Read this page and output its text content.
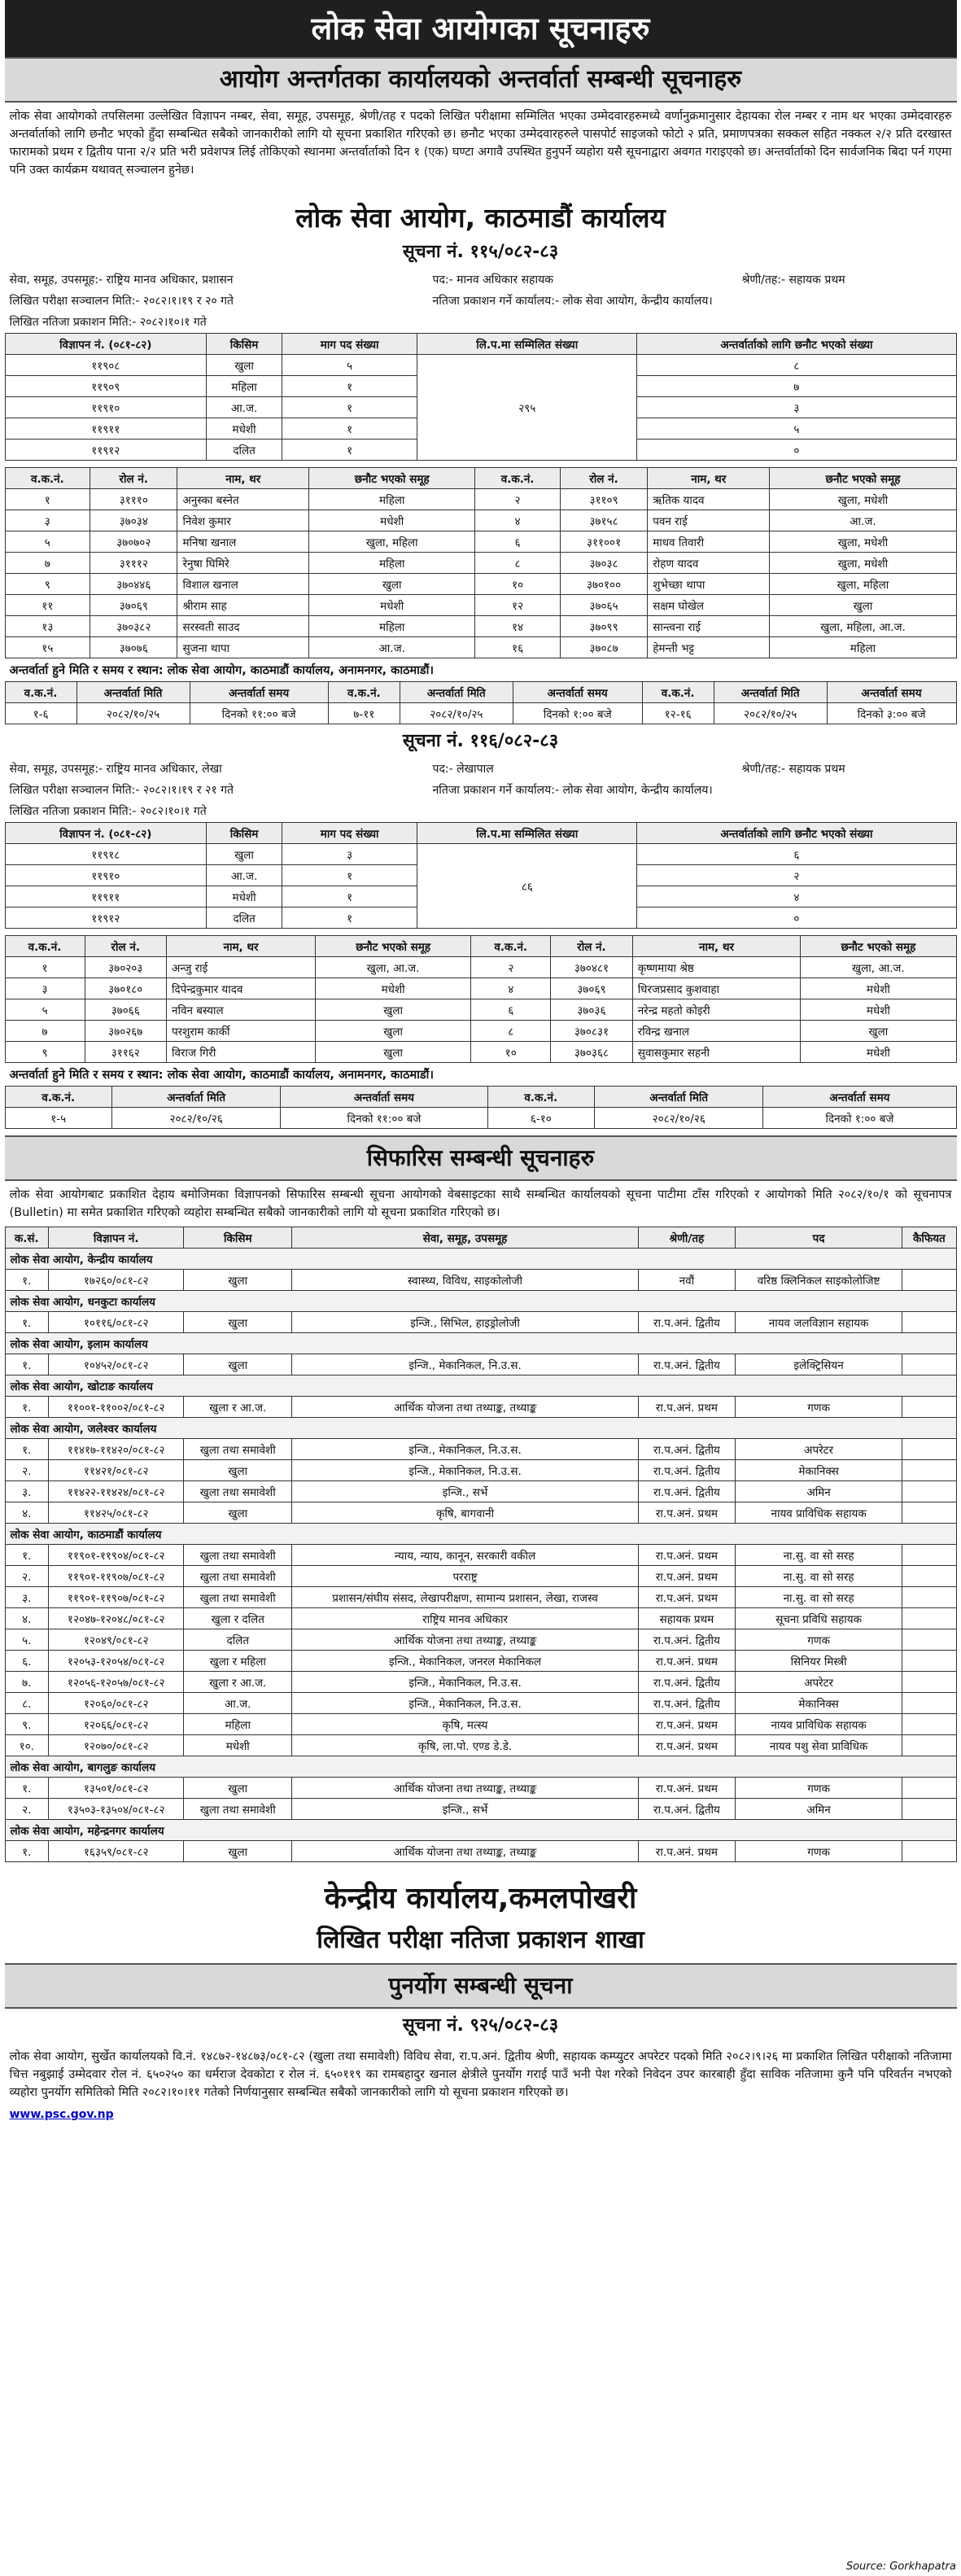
लोक सेवा आयोगका सूचनाहरु
आयोग अन्तर्गतका कार्यालयको अन्तर्वार्ता सम्बन्धी सूचनाहरु
लोक सेवा आयोगको तपसिलमा उल्लेखित विज्ञापन नम्बर, सेवा, समूह, उपसमूह, श्रेणी/तह र पदको लिखित परीक्षामा सम्मिलित भएका उम्मेदवारहरुमध्ये वर्णानुक्रमानुसार देहायका रोल नम्बर र नाम थर भएका उम्मेदवारहरु अन्तर्वार्ताको लागि छनौट भएको हुँदा सम्बन्धित सबैको जानकारीको लागि यो सूचना प्रकाशित गरिएको छ। छनौट भएका उम्मेदवारहरुले पासपोर्ट साइजको फोटो २ प्रति, प्रमाणपत्रका सक्कल सहित नक्कल २/२ प्रति दरखास्त फारामको प्रथम र द्वितीय पाना २/२ प्रति भरी प्रवेशपत्र लिई तोकिएको स्थानमा अन्तर्वार्ताको दिन १ (एक) घण्टा अगावै उपस्थित हुनुपर्ने व्यहोरा यसै सूचनाद्वारा अवगत गराइएको छ। अन्तर्वार्ताको दिन सार्वजनिक बिदा पर्न गएमा पनि उक्त कार्यक्रम यथावत् सञ्चालन हुनेछ।
लोक सेवा आयोग, काठमाडौं कार्यालय
सूचना नं. ११५/०८२-८३
सेवा, समूह, उपसमूह:- राष्ट्रिय मानव अधिकार, प्रशासन	पद:- मानव अधिकार सहायक	श्रेणी/तह:- सहायक प्रथम
लिखित परीक्षा सञ्चालन मिति:- २०८२।१।१९ र २० गते	नतिजा प्रकाशन गर्ने कार्यालय:- लोक सेवा आयोग, केन्द्रीय कार्यालय।
लिखित नतिजा प्रकाशन मिति:- २०८२।१०।१ गते
विज्ञापन नं. (०८१-८२)	किसिम	माग पद संख्या	लि.प.मा सम्मिलित संख्या	अन्तर्वार्ताको लागि छनौट भएको संख्या
११९०८	खुला	५	२९५	८
११९०९	महिला	१		७
११९१०	आ.ज.	१		३
११९११	मधेशी	१		५
११९१२	दलित	१		०
व.क.नं.	रोल नं.	नाम, थर	छनौट भएको समूह	व.क.नं.	रोल नं.	नाम, थर	छनौट भएको समूह
१	३१११०	अनुस्का बस्नेत	महिला	२	३११०९	ऋतिक यादव	खुला, मधेशी
३	३७०३४	निवेश कुमार	मधेशी	४	३७१५८	पवन राई	आ.ज.
५	३७०७०२	मनिषा खनाल	खुला, महिला	६	३११००१	माधव तिवारी	खुला, मधेशी
७	३१११२	रेनुषा घिमिरे	महिला	८	३७०३८	रोहण यादव	खुला, मधेशी
९	३७०४४६	विशाल खनाल	खुला	१०	३७०१००	शुभेच्छा थापा	खुला, महिला
११	३७०६९	श्रीराम साह	मधेशी	१२	३७०६५	सक्षम घोखेल	खुला
१३	३७०३८२	सरस्वती साउद	महिला	१४	३७०९९	सान्त्वना राई	खुला, महिला, आ.ज.
१५	३७०७६	सुजना थापा	आ.ज.	१६	३७०८७	हेमन्ती भट्ट	महिला
अन्तर्वार्ता हुने मिति र समय र स्थान: लोक सेवा आयोग, काठमाडौं कार्यालय, अनामनगर, काठमाडौं।
व.क.नं.	अन्तर्वार्ता मिति	अन्तर्वार्ता समय	व.क.नं.	अन्तर्वार्ता मिति	अन्तर्वार्ता समय	व.क.नं.	अन्तर्वार्ता मिति	अन्तर्वार्ता समय
१-६	२०८२/१०/२५	दिनको ११:०० बजे	७-११	२०८२/१०/२५	दिनको १:०० बजे	१२-१६	२०८२/१०/२५	दिनको ३:०० बजे
सूचना नं. ११६/०८२-८३
सेवा, समूह, उपसमूह:- राष्ट्रिय मानव अधिकार, लेखा	पद:- लेखापाल	श्रेणी/तह:- सहायक प्रथम
लिखित परीक्षा सञ्चालन मिति:- २०८२।१।१९ र २१ गते	नतिजा प्रकाशन गर्ने कार्यालय:- लोक सेवा आयोग, केन्द्रीय कार्यालय।
लिखित नतिजा प्रकाशन मिति:- २०८२।१०।१ गते
विज्ञापन नं. (०८१-८२)	किसिम	माग पद संख्या	लि.प.मा सम्मिलित संख्या	अन्तर्वार्ताको लागि छनौट भएको संख्या
११९१८	खुला	३	८६	६
११९१०	आ.ज.	१		२
११९११	मधेशी	१		४
११९१२	दलित	१		०
व.क.नं.	रोल नं.	नाम, थर	छनौट भएको समूह	व.क.नं.	रोल नं.	नाम, थर	छनौट भएको समूह
१	३७०२०३	अन्जु राई	खुला, आ.ज.	२	३७०४८१	कृष्णमाया श्रेष्ठ	खुला, आ.ज.
३	३७०१८०	दिपेन्द्रकुमार यादव	मधेशी	४	३७०६९	धिरजप्रसाद कुशवाहा	मधेशी
५	३७०६६	नविन बस्याल	खुला	६	३७०३६	नरेन्द्र महतो कोइरी	मधेशी
७	३७०२६७	परशुराम कार्की	खुला	८	३७०८३१	रविन्द्र खनाल	खुला
९	३११६२	विराज गिरी	खुला	१०	३७०३६८	सुवासकुमार सहनी	मधेशी
अन्तर्वार्ता हुने मिति र समय र स्थान: लोक सेवा आयोग, काठमाडौं कार्यालय, अनामनगर, काठमाडौं।
व.क.नं.	अन्तर्वार्ता मिति	अन्तर्वार्ता समय	व.क.नं.	अन्तर्वार्ता मिति	अन्तर्वार्ता समय
१-५	२०८२/१०/२६	दिनको ११:०० बजे	६-१०	२०८२/१०/२६	दिनको १:०० बजे
सिफारिस सम्बन्धी सूचनाहरु
लोक सेवा आयोगबाट प्रकाशित देहाय बमोजिमका विज्ञापनको सिफारिस सम्बन्धी सूचना आयोगको वेबसाइटका साथै सम्बन्धित कार्यालयको सूचना पाटीमा टाँस गरिएको र आयोगको मिति २०८२/१०/१ को सूचनापत्र (Bulletin) मा समेत प्रकाशित गरिएको व्यहोरा सम्बन्धित सबैको जानकारीको लागि यो सूचना प्रकाशित गरिएको छ।
क.सं.	विज्ञापन नं.	किसिम	सेवा, समूह, उपसमूह	श्रेणी/तह	पद	कैफियत
लोक सेवा आयोग, केन्द्रीय कार्यालय						
१.	१७२६०/०८१-८२	खुला	स्वास्थ्य, विविध, साइकोलोजी	नवौं	वरिष्ठ क्लिनिकल साइकोलोजिष्ट	
लोक सेवा आयोग, धनकुटा कार्यालय						
१.	१०११६/०८१-८२	खुला	इन्जि., सिभिल, हाइड्रोलोजी	रा.प.अनं. द्वितीय	नायव जलविज्ञान सहायक	
लोक सेवा आयोग, इलाम कार्यालय						
१.	१०४५२/०८१-८२	खुला	इन्जि., मेकानिकल, नि.उ.स.	रा.प.अनं. द्वितीय	इलेक्ट्रिसियन	
लोक सेवा आयोग, खोटाङ कार्यालय						
१.	११००१-११००२/०८१-८२	खुला र आ.ज.	आर्थिक योजना तथा तथ्याङ्क, तथ्याङ्क	रा.प.अनं. प्रथम	गणक	
लोक सेवा आयोग, जलेश्वर कार्यालय						
१.	११४१७-११४२०/०८१-८२	खुला तथा समावेशी	इन्जि., मेकानिकल, नि.उ.स.	रा.प.अनं. द्वितीय	अपरेटर	
२.	११४२१/०८१-८२	खुला	इन्जि., मेकानिकल, नि.उ.स.	रा.प.अनं. द्वितीय	मेकानिक्स	
३.	११४२२-११४२४/०८१-८२	खुला तथा समावेशी	इन्जि., सर्भे	रा.प.अनं. द्वितीय	अमिन	
४.	११४२५/०८१-८२	खुला	कृषि, बागवानी	रा.प.अनं. प्रथम	नायव प्राविधिक सहायक	
लोक सेवा आयोग, काठमाडौं कार्यालय						
१.	११९०१-११९०४/०८१-८२	खुला तथा समावेशी	न्याय, न्याय, कानून, सरकारी वकील	रा.प.अनं. प्रथम	ना.सु. वा सो सरह	
२.	११९०१-११९०७/०८१-८२	खुला तथा समावेशी	परराष्ट्र	रा.प.अनं. प्रथम	ना.सु. वा सो सरह	
३.	११९०१-११९०७/०८१-८२	खुला तथा समावेशी	प्रशासन/संघीय संसद, लेखापरीक्षण, सामान्य प्रशासन, लेखा, राजस्व	रा.प.अनं. प्रथम	ना.सु. वा सो सरह	
४.	१२०४७-१२०४८/०८१-८२	खुला र दलित	राष्ट्रिय मानव अधिकार	सहायक प्रथम	सूचना प्रविधि सहायक	
५.	१२०४९/०८१-८२	दलित	आर्थिक योजना तथा तथ्याङ्क, तथ्याङ्क	रा.प.अनं. द्वितीय	गणक	
६.	१२०५३-१२०५४/०८१-८२	खुला र महिला	इन्जि., मेकानिकल, जनरल मेकानिकल	रा.प.अनं. प्रथम	सिनियर मिस्त्री	
७.	१२०५६-१२०५७/०८१-८२	खुला र आ.ज.	इन्जि., मेकानिकल, नि.उ.स.	रा.प.अनं. द्वितीय	अपरेटर	
८.	१२०६०/०८१-८२	आ.ज.	इन्जि., मेकानिकल, नि.उ.स.	रा.प.अनं. द्वितीय	मेकानिक्स	
९.	१२०६६/०८१-८२	महिला	कृषि, मत्स्य	रा.प.अनं. प्रथम	नायव प्राविधिक सहायक	
१०.	१२०७०/०८१-८२	मधेशी	कृषि, ला.पो. एण्ड डे.डे.	रा.प.अनं. प्रथम	नायव पशु सेवा प्राविधिक	
लोक सेवा आयोग, बागलुङ कार्यालय						
१.	१३५०१/०८१-८२	खुला	आर्थिक योजना तथा तथ्याङ्क, तथ्याङ्क	रा.प.अनं. प्रथम	गणक	
२.	१३५०३-१३५०४/०८१-८२	खुला तथा समावेशी	इन्जि., सर्भे	रा.प.अनं. द्वितीय	अमिन	
लोक सेवा आयोग, महेन्द्रनगर कार्यालय						
१.	१६३५९/०८१-८२	खुला	आर्थिक योजना तथा तथ्याङ्क, तथ्याङ्क	रा.प.अनं. प्रथम	गणक	
केन्द्रीय कार्यालय,कमलपोखरी
लिखित परीक्षा नतिजा प्रकाशन शाखा
पुनर्योग सम्बन्धी सूचना
सूचना नं. ९२५/०८२-८३
लोक सेवा आयोग, सुर्खेत कार्यालयको वि.नं. १४८७२-१४८७३/०८१-८२ (खुला तथा समावेशी) विविध सेवा, रा.प.अनं. द्वितीय श्रेणी, सहायक कम्प्युटर अपरेटर पदको मिति २०८२।९।२६ मा प्रकाशित लिखित परीक्षाको नतिजामा चित्त नबुझाई उम्मेदवार रोल नं. ६५०२५० का धर्मराज देवकोटा र रोल नं. ६५०११९ का रामबहादुर खनाल क्षेत्रीले पुनर्योग गराई पाउँ भनी पेश गरेको निवेदन उपर कारबाही हुँदा साविक नतिजामा कुनै पनि परिवर्तन नभएको व्यहोरा पुनर्योग समितिको मिति २०८२।१०।११ गतेको निर्णयानुसार सम्बन्धित सबैको जानकारीको लागि यो सूचना प्रकाशन गरिएको छ।
www.psc.gov.np
Source: Gorkhapatra
